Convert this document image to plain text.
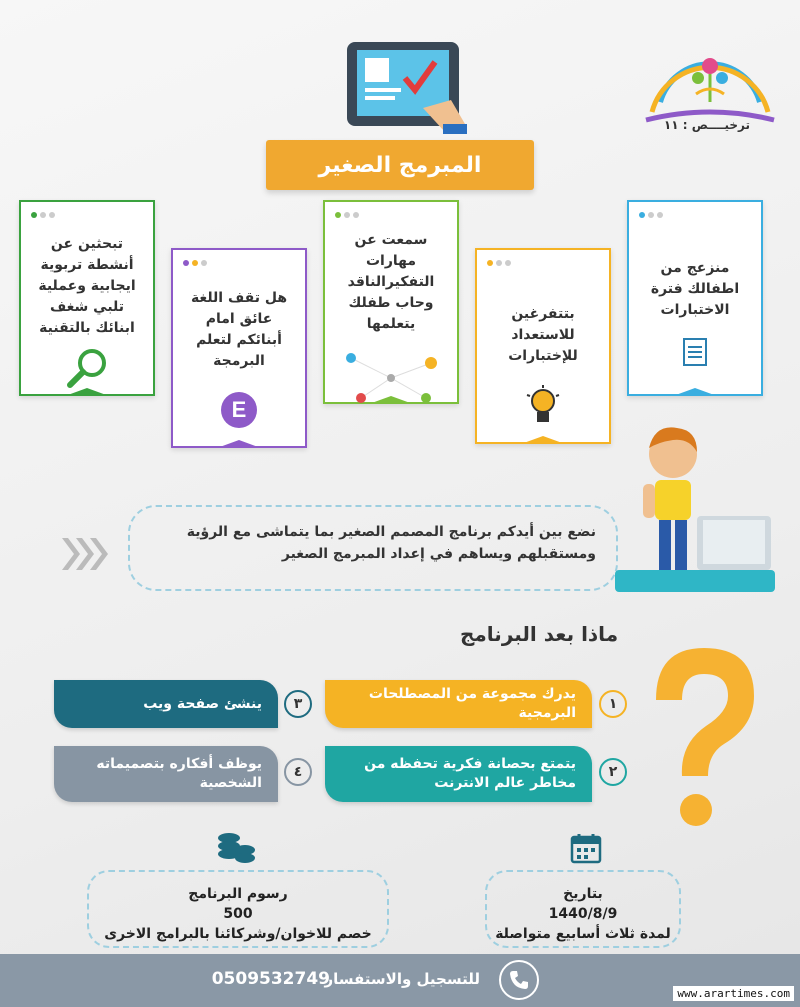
ترخيــــص : ١١
المبرمج الصغير
منزعج من اطفالك فترة الاختبارات
بتتفرغين للاستعداد للإختبارات
سمعت عن مهارات التفكيرالناقد وحاب طفلك يتعلمها
هل تقف اللغة عائق امام أبنائكم لتعلم البرمجة
E
تبحثين عن أنشطة تربوية ايجابية وعملية تلبي شغف ابنائك بالتقنية
نضع بين أيدكم برنامج المصمم الصغير بما يتماشى مع الرؤية ومستقبلهم ويساهم في إعداد المبرمج الصغير
ماذا بعد البرنامج
١
يدرك مجموعة من المصطلحات البرمجية
٢
يتمتع بحصانة فكرية تحفظه من مخاطر عالم الانترنت
٣
ينشئ صفحة ويب
٤
يوظف أفكاره بتصميماته الشخصية
بتاريخ
1440/8/9
لمدة ثلاث أسابيع متواصلة
رسوم البرنامج
500
خصم للاخوان/وشركائنا بالبرامج الاخرى
للتسجيل والاستفسار
0509532749
www.arartimes.com
